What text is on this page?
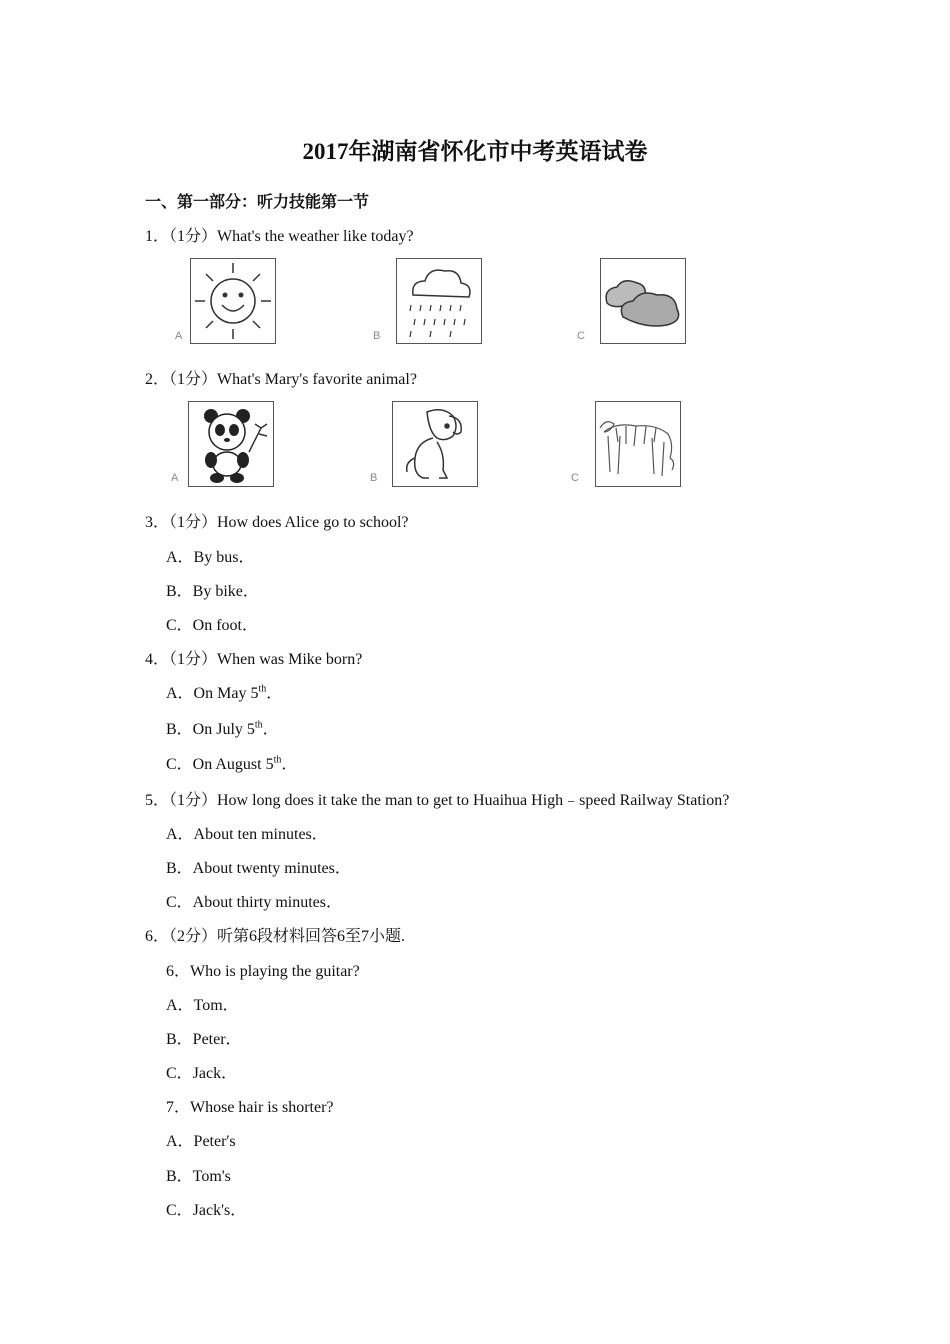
2017年湖南省怀化市中考英语试卷
一、第一部分：听力技能第一节
1．（1分）What's the weather like today?
A	B	C
2．（1分）What's Mary's favorite animal?
A	B	C
3．（1分）How does Alice go to school?
A．By bus．
B．By bike．
C．On foot．
4．（1分）When was Mike born?
A．On May 5th．
B．On July 5th．
C．On August 5th．
5．（1分）How long does it take the man to get to Huaihua High﹣speed Railway Station?
A．About ten minutes．
B．About twenty minutes．
C．About thirty minutes．
6．（2分）听第6段材料回答6至7小题.
6．Who is playing the guitar?
A．Tom．
B．Peter．
C．Jack．
7．Whose hair is shorter?
A．Peter's
B．Tom's
C．Jack's．
